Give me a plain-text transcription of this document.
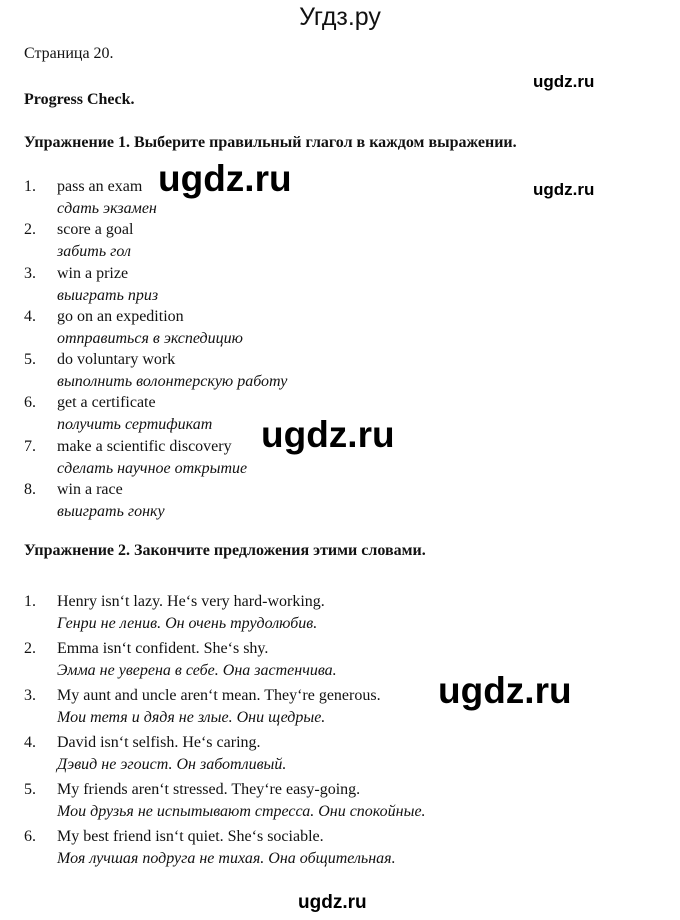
Угдз.ру
Страница 20.
Progress Check.
Упражнение 1. Выберите правильный глагол в каждом выражении.
1. pass an exam
сдать экзамен
2. score a goal
забить гол
3. win a prize
выиграть приз
4. go on an expedition
отправиться в экспедицию
5. do voluntary work
выполнить волонтерскую работу
6. get a certificate
получить сертификат
7. make a scientific discovery
сделать научное открытие
8. win a race
выиграть гонку
Упражнение 2. Закончите предложения этими словами.
1. Henry isn‘t lazy. He‘s very hard-working.
Генри не ленив. Он очень трудолюбив.
2. Emma isn‘t confident. She‘s shy.
Эмма не уверена в себе. Она застенчива.
3. My aunt and uncle aren‘t mean. They‘re generous.
Мои тетя и дядя не злые. Они щедрые.
4. David isn‘t selfish. He‘s caring.
Дэвид не эгоист. Он заботливый.
5. My friends aren‘t stressed. They‘re easy-going.
Мои друзья не испытывают стресса. Они спокойные.
6. My best friend isn‘t quiet. She‘s sociable.
Моя лучшая подруга не тихая. Она общительная.
ugdz.ru
ugdz.ru	ugdz.ru
ugdz.ru
ugdz.ru
ugdz.ru
